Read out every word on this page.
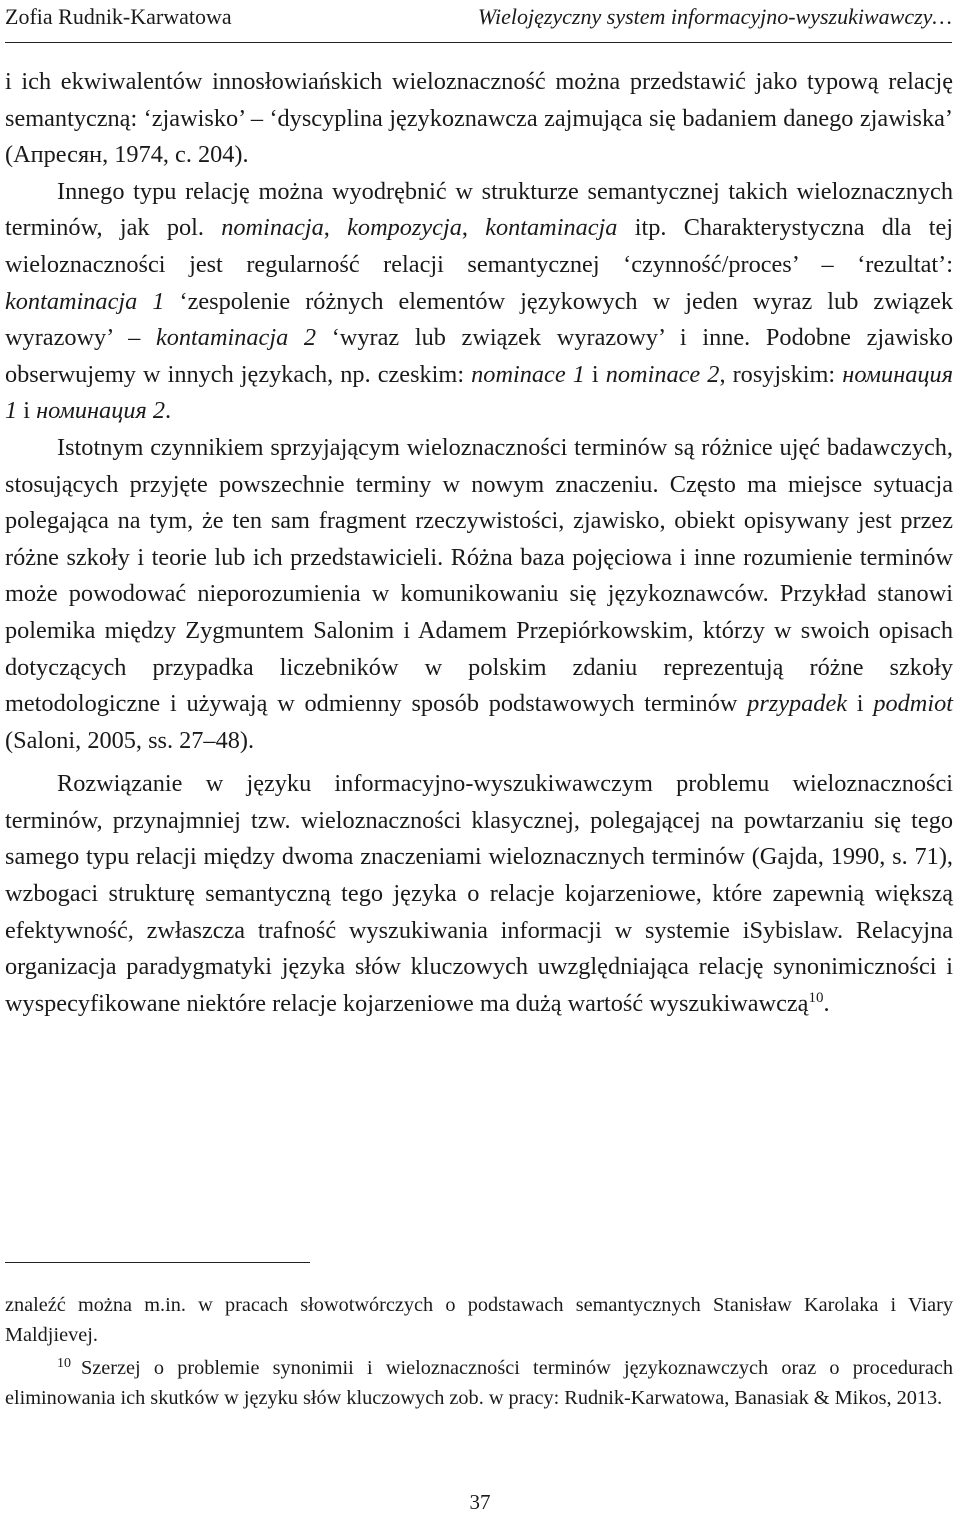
Zofia Rudnik-Karwatowa	Wielojęzyczny system informacyjno-wyszukiwawczy…

i ich ekwiwalentów innosłowiańskich wieloznaczność można przedstawić jako typową relację semantyczną: ‘zjawisko’ – ‘dyscyplina językoznawcza zajmująca się badaniem danego zjawiska’ (Апресян, 1974, c. 204).

Innego typu relację można wyodrębnić w strukturze semantycznej takich wieloznacznych terminów, jak pol. nominacja, kompozycja, kontaminacja itp. Charakterystyczna dla tej wieloznaczności jest regularność relacji semantycznej ‘czynność/proces’ – ‘rezultat’: kontaminacja 1 ‘zespolenie różnych elementów językowych w jeden wyraz lub związek wyrazowy’ – kontaminacja 2 ‘wyraz lub związek wyrazowy’ i inne. Podobne zjawisko obserwujemy w innych językach, np. czeskim: nominace 1 i nominace 2, rosyjskim: номинация 1 i номинация 2.

Istotnym czynnikiem sprzyjającym wieloznaczności terminów są różnice ujęć badawczych, stosujących przyjęte powszechnie terminy w nowym znaczeniu. Często ma miejsce sytuacja polegająca na tym, że ten sam fragment rzeczywistości, zjawisko, obiekt opisywany jest przez różne szkoły i teorie lub ich przedstawicieli. Różna baza pojęciowa i inne rozumienie terminów może powodować nieporozumienia w komunikowaniu się językoznawców. Przykład stanowi polemika między Zygmuntem Salonim i Adamem Przepiórkowskim, którzy w swoich opisach dotyczących przypadka liczebników w polskim zdaniu reprezentują różne szkoły metodologiczne i używają w odmienny sposób podstawowych terminów przypadek i podmiot (Saloni, 2005, ss. 27–48).

Rozwiązanie w języku informacyjno-wyszukiwawczym problemu wieloznaczności terminów, przynajmniej tzw. wieloznaczności klasycznej, polegającej na powtarzaniu się tego samego typu relacji między dwoma znaczeniami wieloznacznych terminów (Gajda, 1990, s. 71), wzbogaci strukturę semantyczną tego języka o relacje kojarzeniowe, które zapewnią większą efektywność, zwłaszcza trafność wyszukiwania informacji w systemie iSybislaw. Relacyjna organizacja paradygmatyki języka słów kluczowych uwzględniająca relację synonimiczności i wyspecyfikowane niektóre relacje kojarzeniowe ma dużą wartość wyszukiwawczą$^{10}$.

znaleźć można m.in. w pracach słowotwórczych o podstawach semantycznych Stanisław Karolaka i Viary Maldjievej.

$^{10}$ Szerzej o problemie synonimii i wieloznaczności terminów językoznawczych oraz o procedurach eliminowania ich skutków w języku słów kluczowych zob. w pracy: Rudnik-Karwatowa, Banasiak & Mikos, 2013.

37
